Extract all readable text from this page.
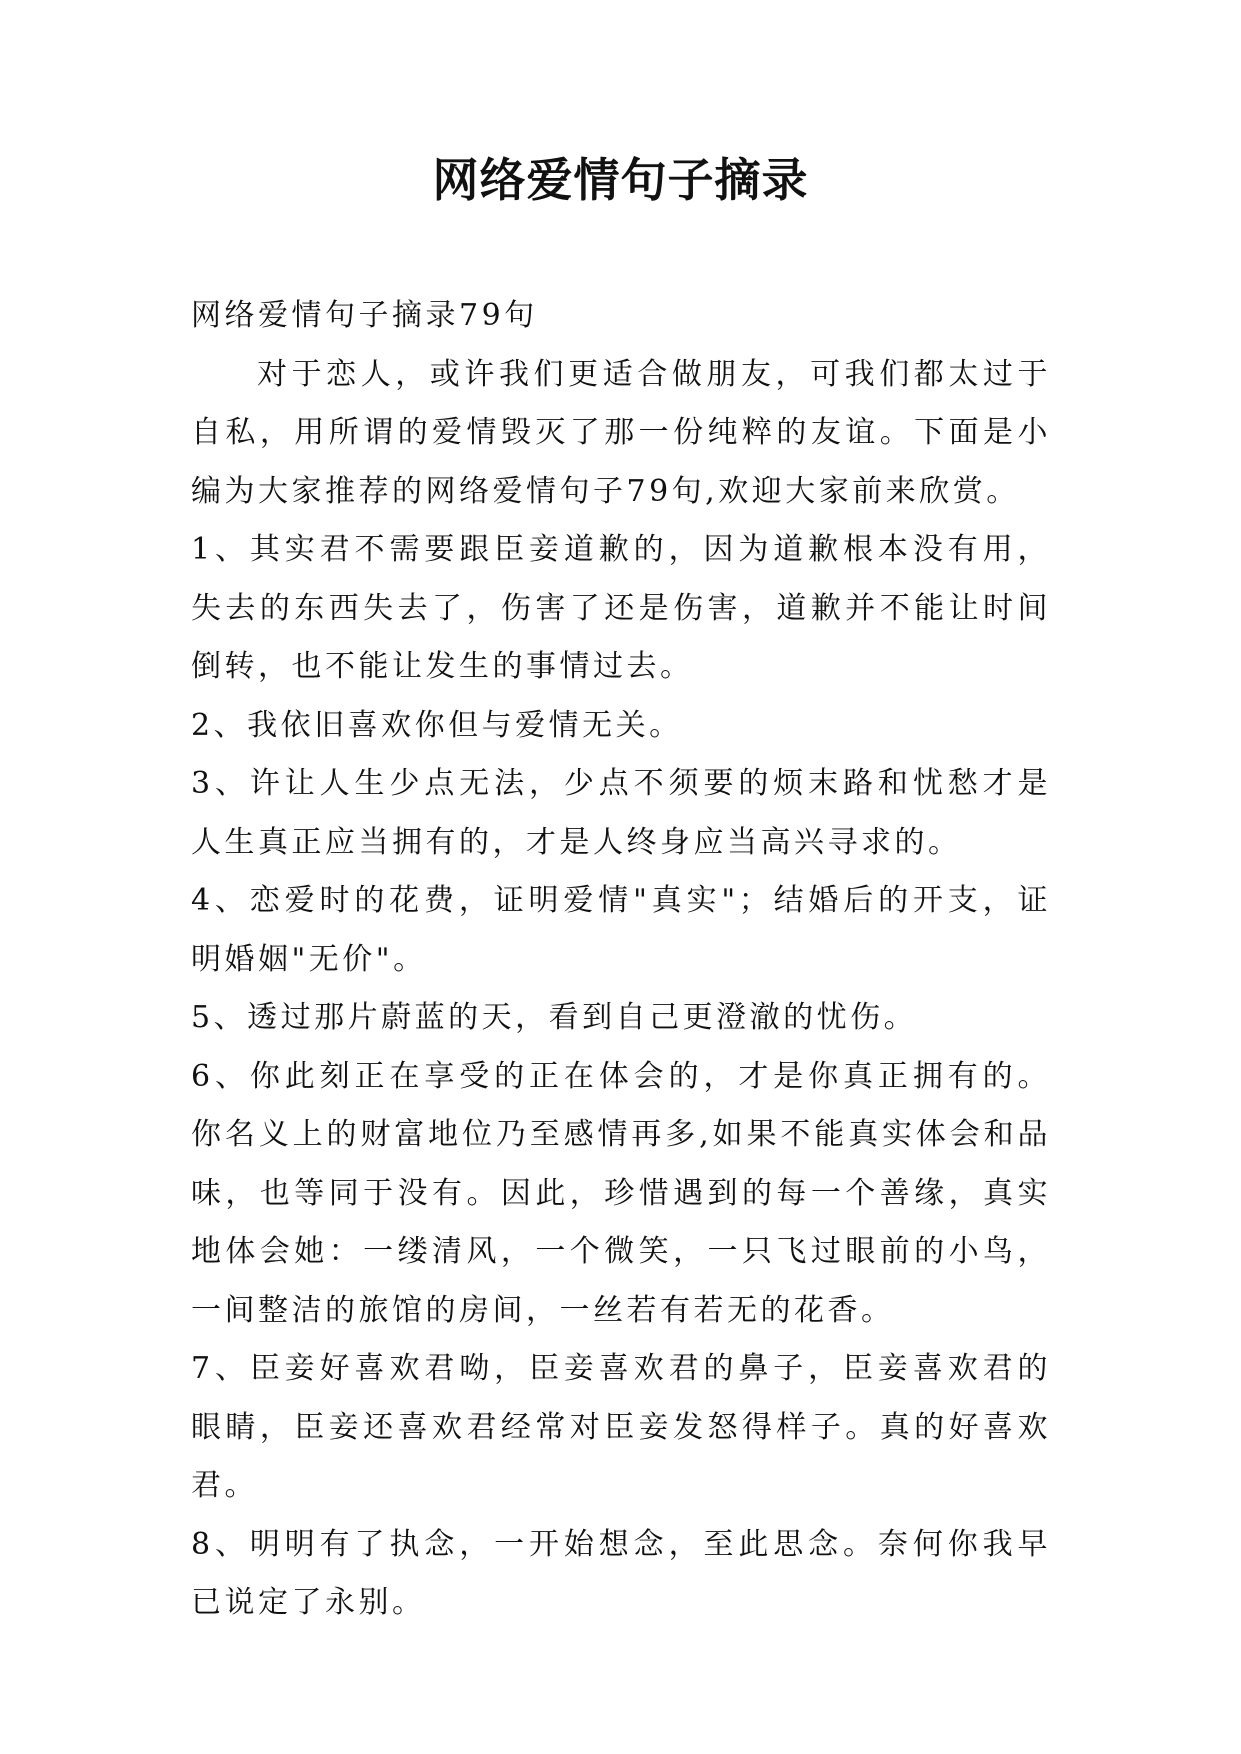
网络爱情句子摘录

网络爱情句子摘录79句

对于恋人，或许我们更适合做朋友，可我们都太过于自私，用所谓的爱情毁灭了那一份纯粹的友谊。下面是小编为大家推荐的网络爱情句子79句,欢迎大家前来欣赏。

1、其实君不需要跟臣妾道歉的，因为道歉根本没有用，失去的东西失去了，伤害了还是伤害，道歉并不能让时间倒转，也不能让发生的事情过去。

2、我依旧喜欢你但与爱情无关。

3、许让人生少点无法，少点不须要的烦末路和忧愁才是人生真正应当拥有的，才是人终身应当高兴寻求的。

4、恋爱时的花费，证明爱情"真实"；结婚后的开支，证明婚姻"无价"。

5、透过那片蔚蓝的天，看到自己更澄澈的忧伤。

6、你此刻正在享受的正在体会的，才是你真正拥有的。你名义上的财富地位乃至感情再多,如果不能真实体会和品味，也等同于没有。因此，珍惜遇到的每一个善缘，真实地体会她：一缕清风，一个微笑，一只飞过眼前的小鸟，一间整洁的旅馆的房间，一丝若有若无的花香。

7、臣妾好喜欢君呦，臣妾喜欢君的鼻子，臣妾喜欢君的眼睛，臣妾还喜欢君经常对臣妾发怒得样子。真的好喜欢君。

8、明明有了执念，一开始想念，至此思念。奈何你我早已说定了永别。
